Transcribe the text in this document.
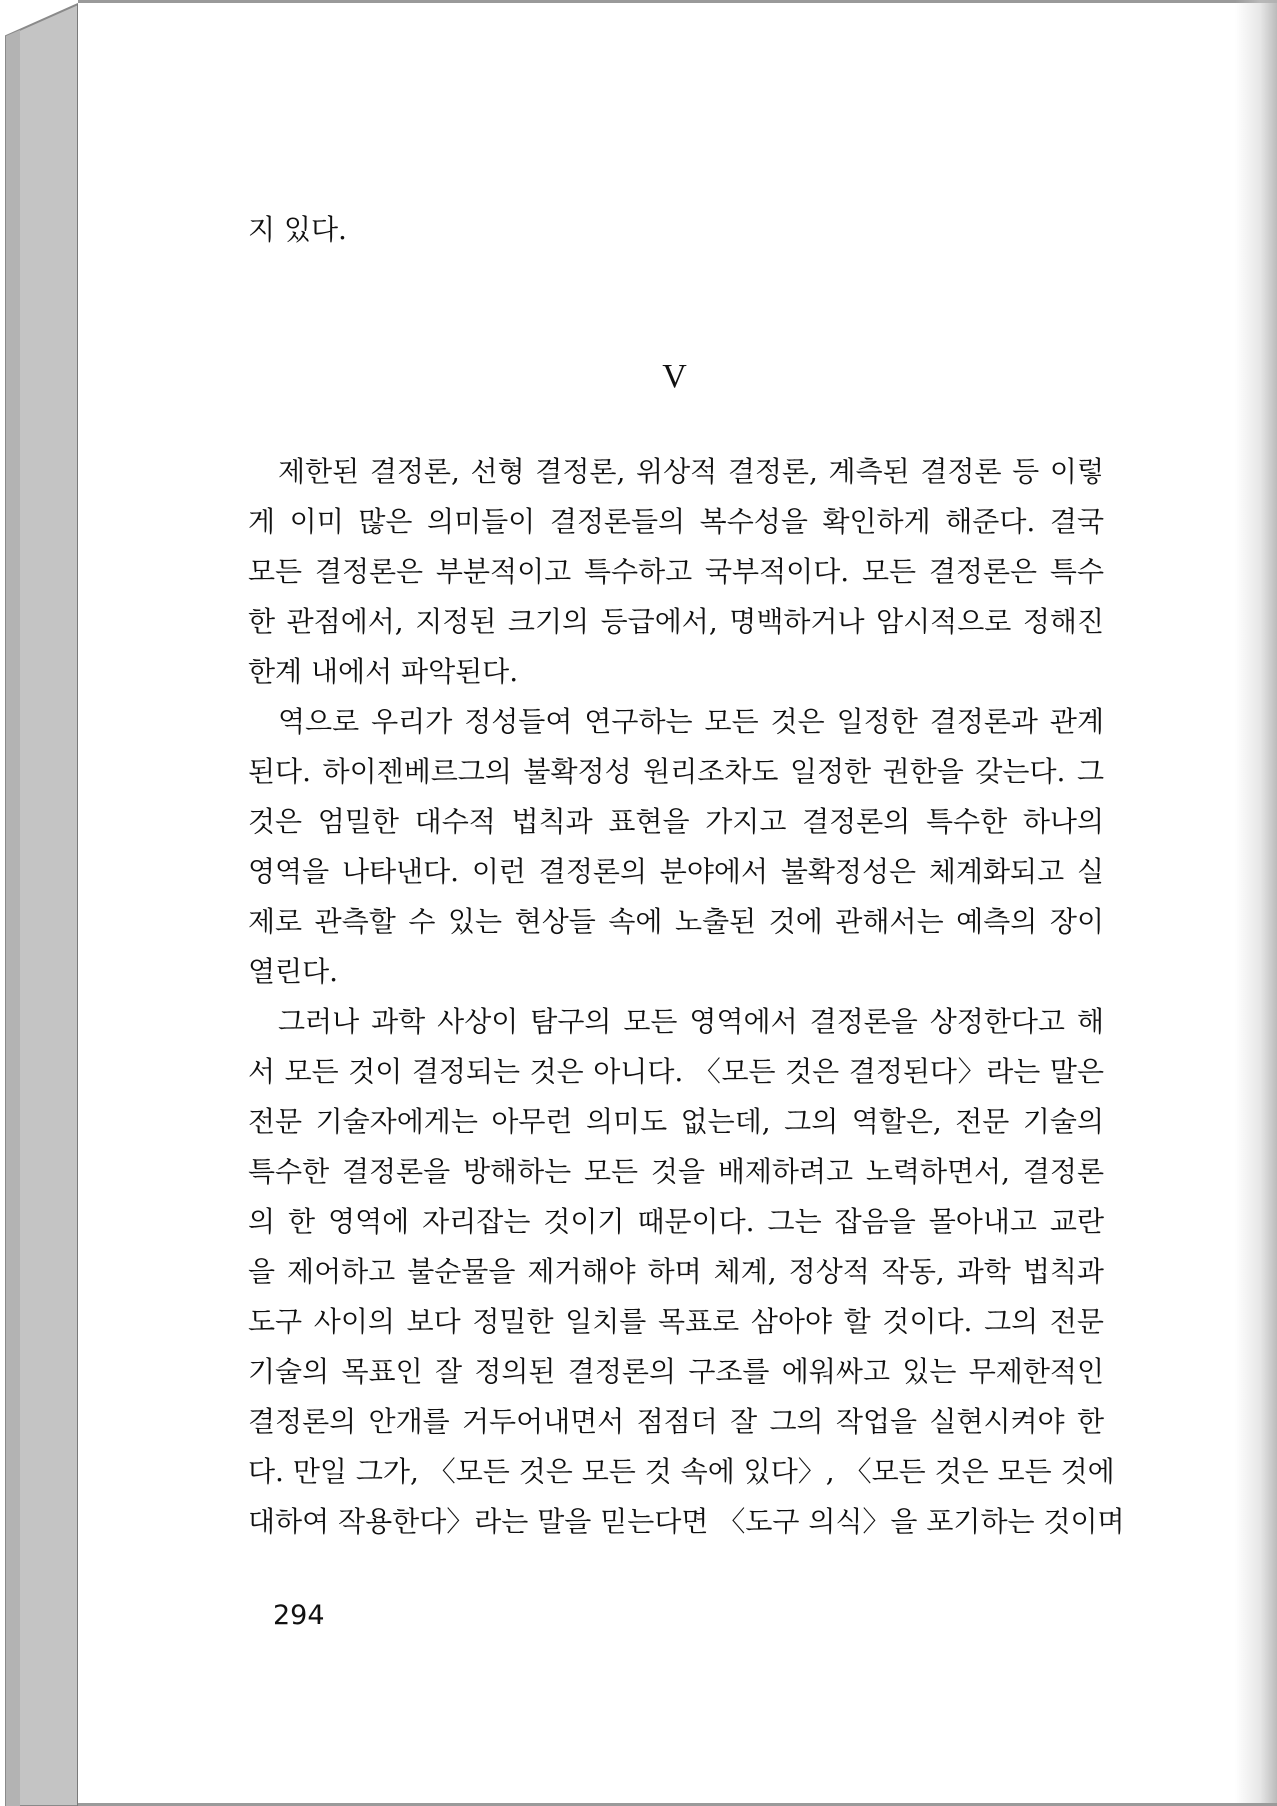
지 있다.
V
제한된 결정론, 선형 결정론, 위상적 결정론, 계측된 결정론 등 이렇
게 이미 많은 의미들이 결정론들의 복수성을 확인하게 해준다. 결국
모든 결정론은 부분적이고 특수하고 국부적이다. 모든 결정론은 특수
한 관점에서, 지정된 크기의 등급에서, 명백하거나 암시적으로 정해진
한계 내에서 파악된다.
역으로 우리가 정성들여 연구하는 모든 것은 일정한 결정론과 관계
된다. 하이젠베르그의 불확정성 원리조차도 일정한 권한을 갖는다. 그
것은 엄밀한 대수적 법칙과 표현을 가지고 결정론의 특수한 하나의
영역을 나타낸다. 이런 결정론의 분야에서 불확정성은 체계화되고 실
제로 관측할 수 있는 현상들 속에 노출된 것에 관해서는 예측의 장이
열린다.
그러나 과학 사상이 탐구의 모든 영역에서 결정론을 상정한다고 해
서 모든 것이 결정되는 것은 아니다. 〈모든 것은 결정된다〉라는 말은
전문 기술자에게는 아무런 의미도 없는데, 그의 역할은, 전문 기술의
특수한 결정론을 방해하는 모든 것을 배제하려고 노력하면서, 결정론
의 한 영역에 자리잡는 것이기 때문이다. 그는 잡음을 몰아내고 교란
을 제어하고 불순물을 제거해야 하며 체계, 정상적 작동, 과학 법칙과
도구 사이의 보다 정밀한 일치를 목표로 삼아야 할 것이다. 그의 전문
기술의 목표인 잘 정의된 결정론의 구조를 에워싸고 있는 무제한적인
결정론의 안개를 거두어내면서 점점더 잘 그의 작업을 실현시켜야 한
다. 만일 그가, 〈모든 것은 모든 것 속에 있다〉, 〈모든 것은 모든 것에
대하여 작용한다〉라는 말을 믿는다면 〈도구 의식〉을 포기하는 것이며
294
